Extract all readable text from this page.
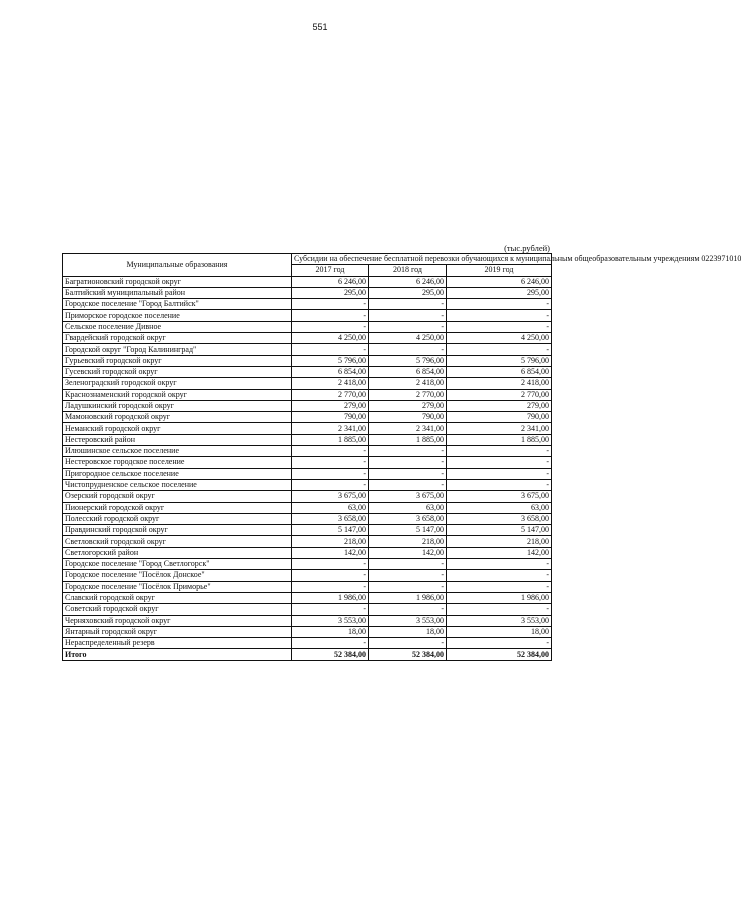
551
(тыс.рублей)
Муниципальные образования	Субсидии на обеспечение бесплатной перевозки обучающихся к муниципальным общеобразовательным учреждениям 0223971010		
	2017 год	2018 год	2019 год
Багратионовский городской округ	6 246,00	6 246,00	6 246,00
Балтийский муниципальный район	295,00	295,00	295,00
Городское поселение "Город Балтийск"	-	-	-
Приморское городское поселение	-	-	-
Сельское поселение Дивное	-	-	-
Гвардейский городской округ	4 250,00	4 250,00	4 250,00
Городской округ "Город Калининград"	-	-	-
Гурьевский городской округ	5 796,00	5 796,00	5 796,00
Гусевский городской округ	6 854,00	6 854,00	6 854,00
Зеленоградский городской округ	2 418,00	2 418,00	2 418,00
Краснознаменский городской округ	2 770,00	2 770,00	2 770,00
Ладушкинский городской округ	279,00	279,00	279,00
Мамоновский городской округ	790,00	790,00	790,00
Неманский городской округ	2 341,00	2 341,00	2 341,00
Нестеровский район	1 885,00	1 885,00	1 885,00
Илюшинское сельское поселение	-	-	-
Нестеровское городское поселение	-	-	-
Пригородное сельское поселение	-	-	-
Чистопрудненское сельское поселение	-	-	-
Озерский городской округ	3 675,00	3 675,00	3 675,00
Пионерский городской округ	63,00	63,00	63,00
Полесский городской округ	3 658,00	3 658,00	3 658,00
Правдинский городской округ	5 147,00	5 147,00	5 147,00
Светловский городской округ	218,00	218,00	218,00
Светлогорский район	142,00	142,00	142,00
Городское поселение "Город Светлогорск"	-	-	-
Городское поселение "Посёлок Донское"	-	-	-
Городское поселение "Посёлок Приморье"	-	-	-
Славский городской округ	1 986,00	1 986,00	1 986,00
Советский городской округ	-	-	-
Черняховский городской округ	3 553,00	3 553,00	3 553,00
Янтарный городской округ	18,00	18,00	18,00
Нераспределенный резерв	-	-	-
Итого	52 384,00	52 384,00	52 384,00
